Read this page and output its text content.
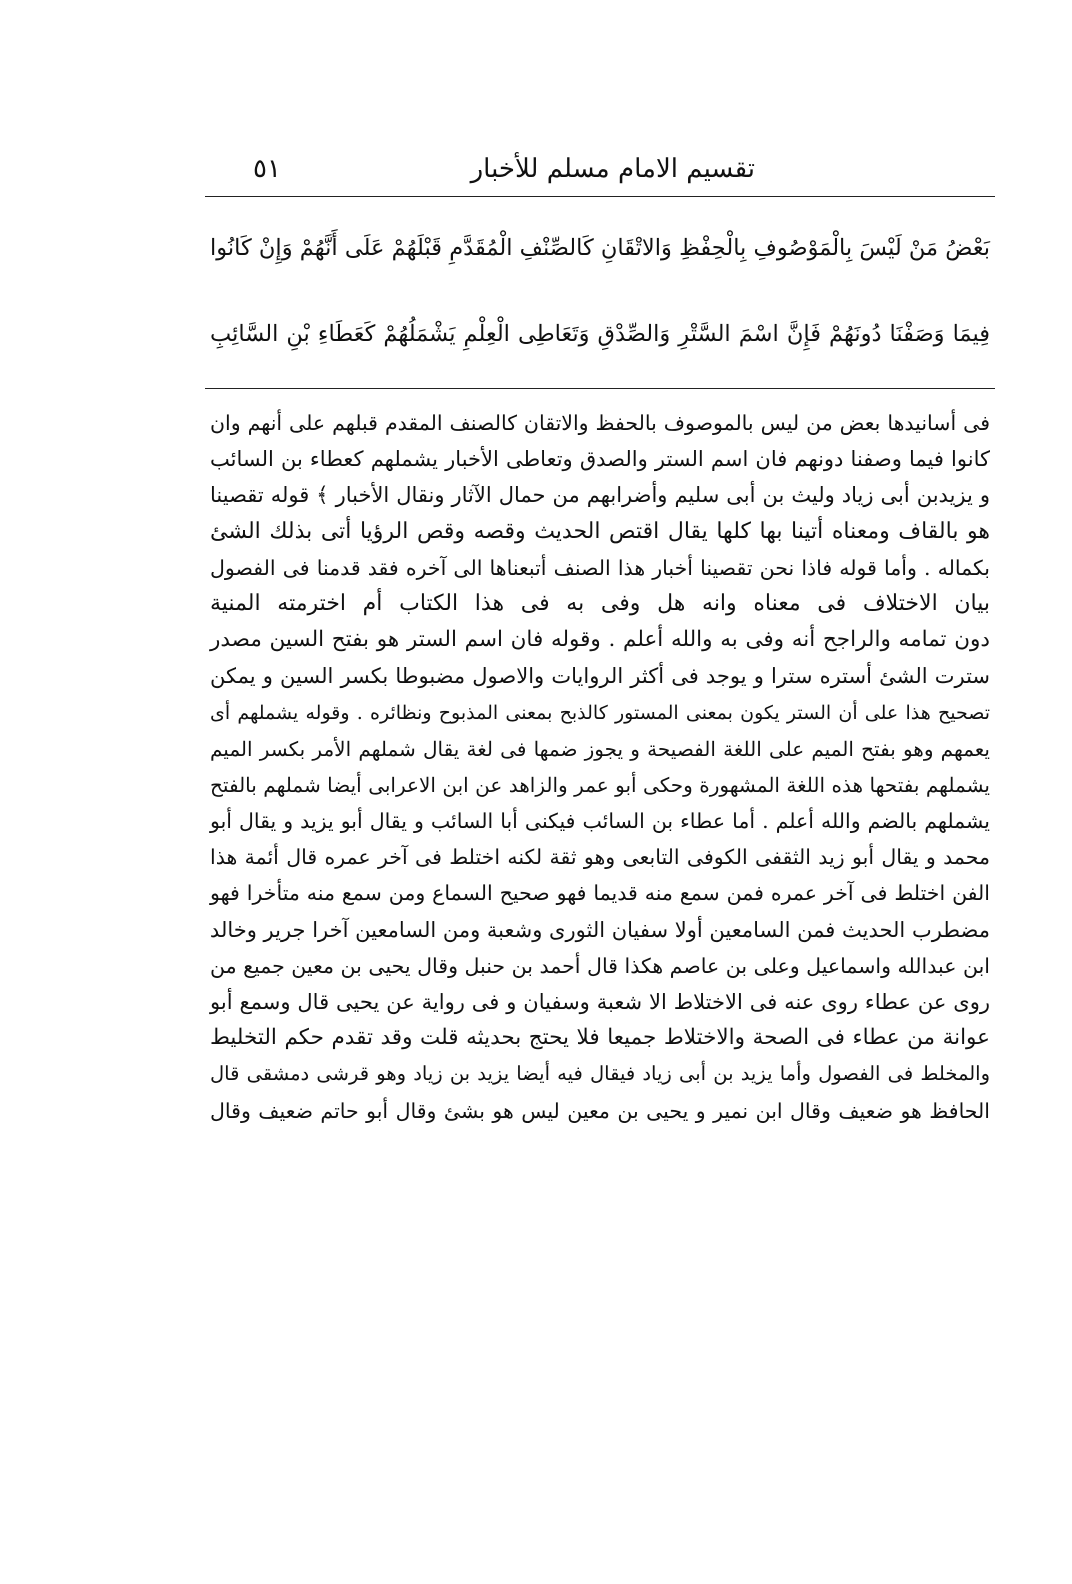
تقسيم الامام مسلم للأخبار
٥١
بَعْضُ مَنْ لَيْسَ بِالْمَوْصُوفِ بِالْحِفْظِ وَالاتْقَانِ كَالصِّنْفِ الْمُقَدَّمِ قَبْلَهُمْ عَلَى أَنَّهُمْ وَإِنْ كَانُوا
فِيمَا وَصَفْنَا دُونَهُمْ فَإِنَّ اسْمَ السَّتْرِ وَالصِّدْقِ وَتَعَاطِى الْعِلْمِ يَشْمَلُهُمْ كَعَطَاءِ بْنِ السَّائِبِ
فى أسانيدها بعض من ليس بالموصوف بالحفظ والاتقان كالصنف المقدم قبلهم على أنهم وان
كانوا فيما وصفنا دونهم فان اسم الستر والصدق وتعاطى الأخبار يشملهم كعطاء بن السائب
و يزيدبن أبى زياد وليث بن أبى سليم وأضرابهم من حمال الآثار ونقال الأخبار ﴾ قوله تقصينا
هو بالقاف ومعناه أتينا بها كلها يقال اقتص الحديث وقصه وقص الرؤيا أتى بذلك الشئ
بكماله . وأما قوله فاذا نحن تقصينا أخبار هذا الصنف أتبعناها الى آخره فقد قدمنا فى الفصول
بيان الاختلاف فى معناه وانه هل وفى به فى هذا الكتاب أم اخترمته المنية
دون تمامه والراجح أنه وفى به والله أعلم . وقوله فان اسم الستر هو بفتح السين مصدر
سترت الشئ أستره سترا و يوجد فى أكثر الروايات والاصول مضبوطا بكسر السين و يمكن
تصحيح هذا على أن الستر يكون بمعنى المستور كالذبح بمعنى المذبوح ونظائره . وقوله يشملهم أى
يعمهم وهو بفتح الميم على اللغة الفصيحة و يجوز ضمها فى لغة يقال شملهم الأمر بكسر الميم
يشملهم بفتحها هذه اللغة المشهورة وحكى أبو عمر والزاهد عن ابن الاعرابى أيضا شملهم بالفتح
يشملهم بالضم والله أعلم . أما عطاء بن السائب فيكنى أبا السائب و يقال أبو يزيد و يقال أبو
محمد و يقال أبو زيد الثقفى الكوفى التابعى وهو ثقة لكنه اختلط فى آخر عمره قال أئمة هذا
الفن اختلط فى آخر عمره فمن سمع منه قديما فهو صحيح السماع ومن سمع منه متأخرا فهو
مضطرب الحديث فمن السامعين أولا سفيان الثورى وشعبة ومن السامعين آخرا جرير وخالد
ابن عبدالله واسماعيل وعلى بن عاصم هكذا قال أحمد بن حنبل وقال يحيى بن معين جميع من
روى عن عطاء روى عنه فى الاختلاط الا شعبة وسفيان و فى رواية عن يحيى قال وسمع أبو
عوانة من عطاء فى الصحة والاختلاط جميعا فلا يحتج بحديثه قلت وقد تقدم حكم التخليط
والمخلط فى الفصول وأما يزيد بن أبى زياد فيقال فيه أيضا يزيد بن زياد وهو قرشى دمشقى قال
الحافظ هو ضعيف وقال ابن نمير و يحيى بن معين ليس هو بشئ وقال أبو حاتم ضعيف وقال
